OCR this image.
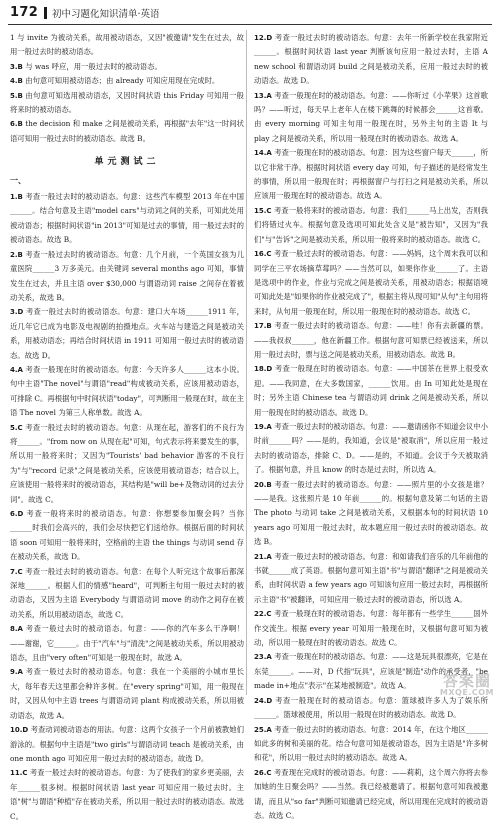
172 初中习题化知识清单·英语

1 与 invite 为被动关系，故用被动语态，又因"被邀请"发生在过去，故用一般过去时的被动语态。

3.B 与 was 呼应，用一般过去时的被动语态。

4.B 由句意可知用被动语态；由 already 可知应用现在完成时。

5.B 由句意可知选用被动语态，又因时间状语 this Friday 可知用一般将来时的被动语态。

6.B the decision 和 make 之间是被动关系，再根据"去年"这一时间状语可知用一般过去时的被动语态。故选 B。

单元测试二

一、

1.B 考查一般过去时的被动语态。句意：这些汽车模型 2013 年在中国______。结合句意及主语"model cars"与动词之间的关系，可知此处用被动语态；根据时间状语"in 2013"可知是过去的事情，用一般过去时的被动语态。故选 B。

2.B 考查一般过去时的被动语态。句意：几个月前，一个英国女孩为儿童医院______3 万多美元。由关键词 several months ago 可知，事情发生在过去，并且主语 over $30,000 与谓语动词 raise 之间存在着被动关系，故选 B。

3.D 考查一般过去时的被动语态。句意：建口大车场______1911 年，近几年它已成为电影及电视剧的拍摄地点。火车站与建造之间是被动关系，用被动语态；再结合时间状语 in 1911 可知用一般过去时的被动语态。故选 D。

4.A 考查一般现在时的被动语态。句意：今天许多人______这本小说。句中主语"The novel"与谓语"read"构成被动关系，应该用被动语态，可排除 C。再根据句中时间状语"today"，可判断用一般现在时，故在主语 The novel 为第三人称单数。故选 A。

5.C 考查一般过去时的被动语态。句意：从现在起，游客们的不良行为将______。"from now on 从现在起"可知，句式表示将来要发生的事，所以用一般将来时；又因为"Tourists' bad behavior 游客的不良行为"与"record 记录"之间是被动关系，应该使用被动语态；结合以上，应该使用一般将来时的被动语态，其结构是"will be+及物动词的过去分词"。故选 C。

6.D 考查一般将来时的被动语态。句意：你想要参加聚会吗？当你______时我们会高兴的，我们会尽快把它们送给你。根据后面的时间状语 soon 可知用一般将来时，空格前的主语 the things 与动词 send 存在被动关系，故选 D。

7.C 考查一般过去时的被动语态。句意：在每个人听完这个故事后都深深地______。根据人们的情感"heard"，可判断主句用一般过去时的被动语态，又因为主语 Everybody 与谓语动词 move 的动作之间存在被动关系，所以用被动语态，故选 C。

8.A 考查一般过去时的被动语态。句意：——你的汽车多么干净啊！——谢谢，它______。由于"汽车"与"清洗"之间是被动关系，所以用被动语态，且由"very often"可知是一般现在时，故选 A。

9.A 考查一般过去时的被动语态。句意：我在一个美丽的小城市里长大，每年春天这里都会种许多树。在"every spring"可知，用一般现在时，又因从句中主语 trees 与谓语动词 plant 构成被动关系，所以用被动语态，故选 A。

10.D 考查动词被动语态的用法。句意：这两个女孩子一个月前被教她们游泳的。根据句中主语是"two girls"与谓语动词 teach 是被动关系，由 one month ago 可知应用一般过去时的被动语态。故选 D。

11.C 考查一般过去时的被动语态。句意：为了使我们的家乡更美丽，去年______很多树。根据时间状语 last year 可知应用一般过去时。主语"树"与谓语"种植"存在被动关系，所以用一般过去时的被动语态。故选 C。

12.D 考查一般过去时的被动语态。句意：去年一所新学校在我家附近______。根据时间状语 last year 判断该句应用一般过去时，主语 A new school 和谓语动词 build 之间是被动关系，应用一般过去时的被动语态。故选 D。

13.A 考查一般现在时的被动语态。句意：——你听过《小苹果》这首歌吗？——听过，每天早上老年人在楼下跳舞的时候都会______这首歌。由 every morning 可知主句用一般现在时，另外主句的主语 It 与 play 之间是被动关系，所以用一般现在时的被动语态。故选 A。

14.A 考查一般现在时的被动语态。句意：因为这些窗户每天______，所以它非常干净。根据时间状语 every day 可知，句子描述的是经常发生的事情，所以用一般现在时；再根据窗户与打扫之间是被动关系，所以应该用一般现在时的被动语态。故选 A。

15.C 考查一般将来时的被动语态。句意：我们______马上出发，否则我们将错过火车。根据句意及选项可知此处含义是"被告知"，又因为"我们"与"告诉"之间是被动关系，所以用一般将来时的被动语态。故选 C。

16.C 考查一般过去时的被动语态。句意：——妈妈，这个周末我可以和同学在三平农场摘草莓吗？——当然可以，如果你作业______了。主语是选项中的作业，作业与完成之间是被动关系，用被动语态；根据语境可知此处是"如果你的作业被完成了"，根据主将从现可知"从句"主句用将来时，从句用一般现在时，所以用一般现在时的被动语态。故选 C。

17.B 考查一般过去时的被动语态。句意：——哇！你有去新疆的票。——我叔叔______，他在新疆工作。根据句意可知票已经被送来，所以用一般过去时，票与送之间是被动关系，用被动语态。故选 B。

18.D 考查一般现在时的被动语态。句意：——中国茶在世界上很受欢迎。——我同意，在大多数国家，______饮用。由 In 可知此处是现在时；另外主语 Chinese tea 与谓语动词 drink 之间是被动关系，所以用一般现在时的被动语态。故选 D。

19.A 考查一般过去时的被动语态。句意：——邀请函你不知道会议中小时前______吗？——是的，我知道，会议是"被取消"，所以应用一般过去时的被动语态，排除 C、D。——是的，不知道。会议于今天被取消了。根据句意，并且 know 的时态是过去时，所以选 A。

20.B 考查一般过去时的被动语态。句意：——照片里的小女孩是谁？——是我。这张照片是 10 年前______的。根据句意及第二句话的主语 The photo 与动词 take 之间是被动关系，又根据本句的时间状语 10 years ago 可知用一般过去时，故本题应用一般过去时的被动语态。故选 B。

21.A 考查一般过去时的被动语态。句意：和如请我们音乐的几年前他的书就______成了英语。根据句意可知主语"书"与谓语"翻译"之间是被动关系，由时间状语 a few years ago 可知该句应用一般过去时，再根据所示主语"书"被翻译，可知应用一般过去时的被动语态，所以选 A。

22.C 考查一般现在时的被动语态。句意：每年都有一些学生______国外作交流生。根据 every year 可知用一般现在时，又根据句意可知为被动，所以用一般现在时的被动语态。故选 C。

23.A 考查一般现在时的被动语态。句意：——这是玩具很漂亮，它是在东莞______。——对，D 代指"玩具"，应该是"制造"动作的承受者，"be made in+地点"表示"在某地被制造"。故选 A。

24.D 考查一般现在时的被动语态。句意：篮球被许多人为了娱乐所______。篮球被使用，所以用一般现在时的被动语态。故选 D。

25.A 考查一般过去时的被动语态。句意：2014 年，在这个地区______如此多的树和美丽的花。结合句意可知是被动语态，因为主语是"许多树和花"，所以用一般过去时的被动语态。故选 A。

26.C 考查现在完成时的被动语态。句意：——莉莉，这个周六你将去参加她的生日聚会吗？——当然。我已经被邀请了。根据句意可知我被邀请，而且从"so far"判断可知邀请已经完成，所以用现在完成时的被动语态。故选 C。

答案圈
MXQE.COM
